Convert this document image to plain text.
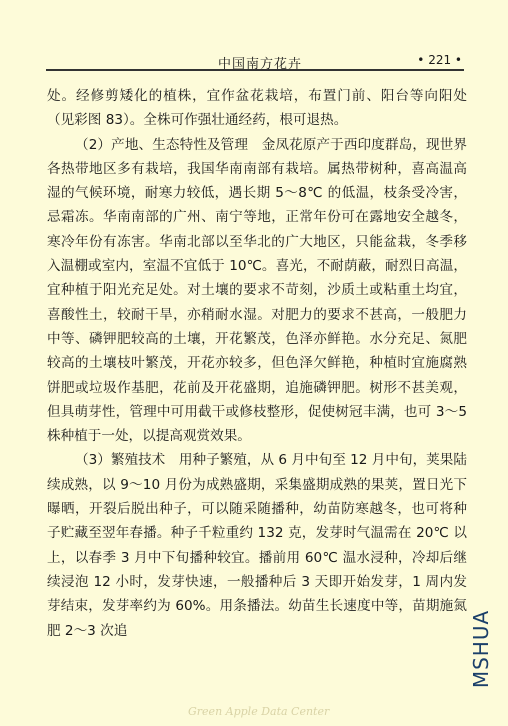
中国南方花卉	• 221 •

处。经修剪矮化的植株，宜作盆花栽培，布置门前、阳台等向阳处（见彩图 83）。全株可作强壮通经药，根可退热。

（2）产地、生态特性及管理　金凤花原产于西印度群岛，现世界各热带地区多有栽培，我国华南南部有栽培。属热带树种，喜高温高湿的气候环境，耐寒力较低，遇长期 5～8℃ 的低温，枝条受冷害，忌霜冻。华南南部的广州、南宁等地，正常年份可在露地安全越冬，寒冷年份有冻害。华南北部以至华北的广大地区，只能盆栽，冬季移入温棚或室内，室温不宜低于 10℃。喜光，不耐荫蔽，耐烈日高温，宜种植于阳光充足处。对土壤的要求不苛刻，沙质土或粘重土均宜，喜酸性土，较耐干旱，亦稍耐水湿。对肥力的要求不甚高，一般肥力中等、磷钾肥较高的土壤，开花繁茂，色泽亦鲜艳。水分充足、氮肥较高的土壤枝叶繁茂，开花亦较多，但色泽欠鲜艳，种植时宜施腐熟饼肥或垃圾作基肥，花前及开花盛期，追施磷钾肥。树形不甚美观，但具萌芽性，管理中可用截干或修枝整形，促使树冠丰满，也可 3～5 株种植于一处，以提高观赏效果。

（3）繁殖技术　用种子繁殖，从 6 月中旬至 12 月中旬，荚果陆续成熟，以 9～10 月份为成熟盛期，采集盛期成熟的果荚，置日光下曝晒，开裂后脱出种子，可以随采随播种，幼苗防寒越冬，也可将种子贮藏至翌年春播。种子千粒重约 132 克，发芽时气温需在 20℃ 以上，以春季 3 月中下旬播种较宜。播前用 60℃ 温水浸种，冷却后继续浸泡 12 小时，发芽快速，一般播种后 3 天即开始发芽，1 周内发芽结束，发芽率约为 60%。用条播法。幼苗生长速度中等，苗期施氮肥 2～3 次追

Green Apple Data Center
MSHUA
